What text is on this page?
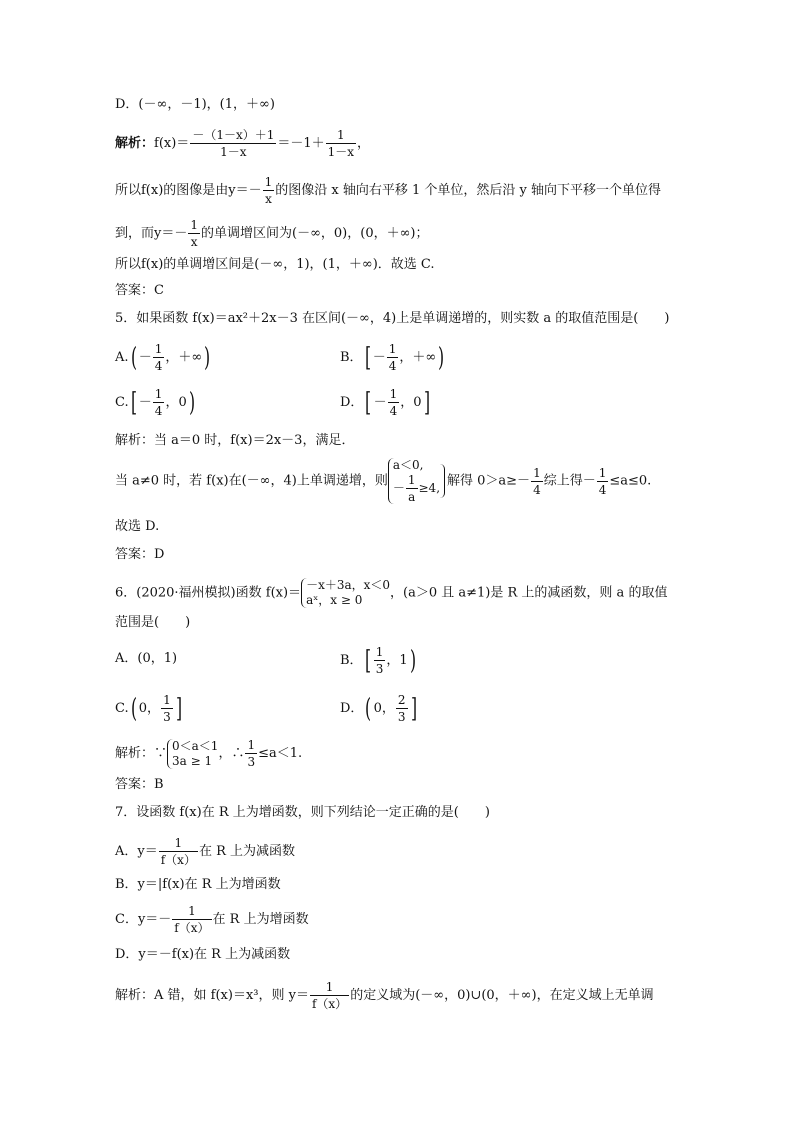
D．(－∞，－1)，(1，＋∞)
解析：$f(x)= \frac{-(1-x)+1}{1-x} =-1+ \frac{1}{1-x}$ ，
所以f(x)的图像是由$y=- \frac{1}{x}$ 的图像沿 x 轴向右平移 1 个单位，然后沿 y 轴向下平移一个单位得
到，而$y=- \frac{1}{x}$ 的单调增区间为(－∞，0)，(0，＋∞)；
所以f(x)的单调增区间是(－∞，1)，(1，＋∞)．故选 C.
答案：C
5．如果函数 f(x)＝ax²＋2x－3 在区间(－∞，4)上是单调递增的，则实数 a 的取值范围是(　　)
$A.( - \frac{1}{4}$ ，＋∞)	B．[ － $\frac{1}{4}$ ，＋∞)
$C.[ - \frac{1}{4}$ ，0)	D．[ － $\frac{1}{4}$ ，0]
解析：当 a＝0 时，f(x)＝2x－3，满足．
当 a≠0 时，若 f(x)在(－∞，4)上单调递增，则
a＜0,
－ $\frac{1}{a} \ge 4$, 解得 $0>a\ge- \frac{1}{4}$ 综上得－ $\frac{1}{4} \le a\le 0$.
故选 D.
答案：D
6．(2020·福州模拟)函数 f(x)＝
－x＋3a，x＜0
aˣ，x ≥ 0	，(a＞0 且 a≠1)是 R 上的减函数，则 a 的取值
范围是(　　)
A．(0，1)	B．[ $\frac{1}{3}$ ，1)
C.( 0， $\frac{1}{3}$ ]	D．( 0， $\frac{2}{3}$ ]
解析：∵
0＜a＜1
3a ≥ 1 ，∴ $\frac{1}{3} \le a<1$.
答案：B
7．设函数 f(x)在 R 上为增函数，则下列结论一定正确的是(　　)
A．$y= \frac{1}{f(x)}$ 在 R 上为减函数
B．y＝|f(x)在 R 上为增函数
C．$y=- \frac{1}{f(x)}$ 在 R 上为增函数
D．y＝－f(x)在 R 上为减函数
解析：A 错，如 f(x)＝x³，则 $y= \frac{1}{f(x)}$ 的定义域为(－∞，0)∪(0，＋∞)，在定义域上无单调
